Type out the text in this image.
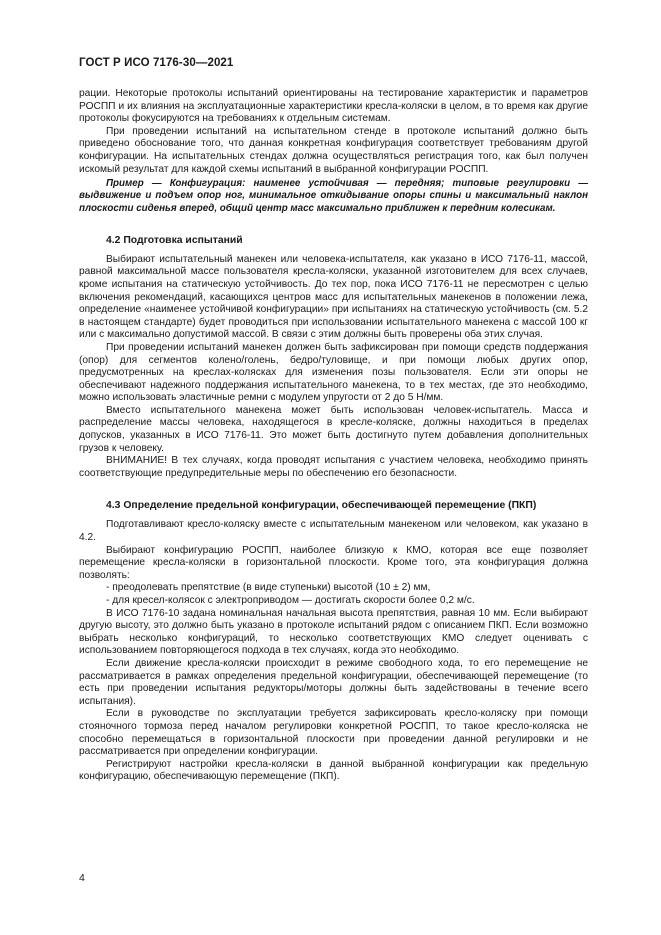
ГОСТ Р ИСО 7176-30—2021

рации. Некоторые протоколы испытаний ориентированы на тестирование характеристик и параметров РОСПП и их влияния на эксплуатационные характеристики кресла-коляски в целом, в то время как другие протоколы фокусируются на требованиях к отдельным системам.

При проведении испытаний на испытательном стенде в протоколе испытаний должно быть приведено обоснование того, что данная конкретная конфигурация соответствует требованиям другой конфигурации. На испытательных стендах должна осуществляться регистрация того, как был получен искомый результат для каждой схемы испытаний в выбранной конфигурации РОСПП.

Пример — Конфигурация: наименее устойчивая — передняя; типовые регулировки — выдвижение и подъем опор ног, минимальное откидывание опоры спины и максимальный наклон плоскости сиденья вперед, общий центр масс максимально приближен к передним колесикам.

4.2 Подготовка испытаний

Выбирают испытательный манекен или человека-испытателя, как указано в ИСО 7176-11, массой, равной максимальной массе пользователя кресла-коляски, указанной изготовителем для всех случаев, кроме испытания на статическую устойчивость. До тех пор, пока ИСО 7176-11 не пересмотрен с целью включения рекомендаций, касающихся центров масс для испытательных манекенов в положении лежа, определение «наименее устойчивой конфигурации» при испытаниях на статическую устойчивость (см. 5.2 в настоящем стандарте) будет проводиться при использовании испытательного манекена с массой 100 кг или с максимально допустимой массой. В связи с этим должны быть проверены оба этих случая.

При проведении испытаний манекен должен быть зафиксирован при помощи средств поддержания (опор) для сегментов колено/голень, бедро/туловище, и при помощи любых других опор, предусмотренных на креслах-колясках для изменения позы пользователя. Если эти опоры не обеспечивают надежного поддержания испытательного манекена, то в тех местах, где это необходимо, можно использовать эластичные ремни с модулем упругости от 2 до 5 Н/мм.

Вместо испытательного манекена может быть использован человек-испытатель. Масса и распределение массы человека, находящегося в кресле-коляске, должны находиться в пределах допусков, указанных в ИСО 7176-11. Это может быть достигнуто путем добавления дополнительных грузов к человеку.

ВНИМАНИЕ! В тех случаях, когда проводят испытания с участием человека, необходимо принять соответствующие предупредительные меры по обеспечению его безопасности.

4.3 Определение предельной конфигурации, обеспечивающей перемещение (ПКП)

Подготавливают кресло-коляску вместе с испытательным манекеном или человеком, как указано в 4.2.

Выбирают конфигурацию РОСПП, наиболее близкую к КМО, которая все еще позволяет перемещение кресла-коляски в горизонтальной плоскости. Кроме того, эта конфигурация должна позволять:

- преодолевать препятствие (в виде ступеньки) высотой (10 ± 2) мм,

- для кресел-колясок с электроприводом — достигать скорости более 0,2 м/с.

В ИСО 7176-10 задана номинальная начальная высота препятствия, равная 10 мм. Если выбирают другую высоту, это должно быть указано в протоколе испытаний рядом с описанием ПКП. Если возможно выбрать несколько конфигураций, то несколько соответствующих КМО следует оценивать с использованием повторяющегося подхода в тех случаях, когда это необходимо.

Если движение кресла-коляски происходит в режиме свободного хода, то его перемещение не рассматривается в рамках определения предельной конфигурации, обеспечивающей перемещение (то есть при проведении испытания редукторы/моторы должны быть задействованы в течение всего испытания).

Если в руководстве по эксплуатации требуется зафиксировать кресло-коляску при помощи стояночного тормоза перед началом регулировки конкретной РОСПП, то такое кресло-коляска не способно перемещаться в горизонтальной плоскости при проведении данной регулировки и не рассматривается при определении конфигурации.

Регистрируют настройки кресла-коляски в данной выбранной конфигурации как предельную конфигурацию, обеспечивающую перемещение (ПКП).

4
